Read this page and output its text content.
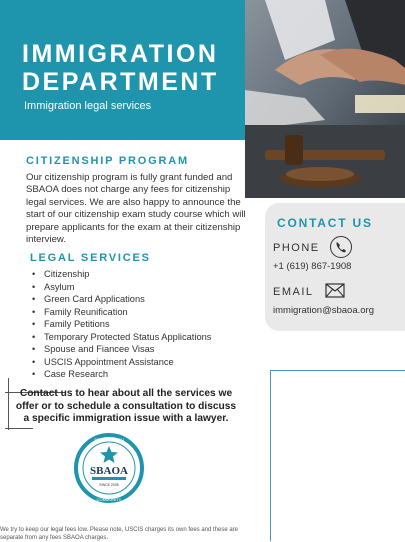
IMMIGRATION
DEPARTMENT
Immigration legal services
CITIZENSHIP PROGRAM
Our citizenship program is fully grant funded and SBAOA does not charge any fees for citizenship legal services. We are also happy to announce the start of our citizenship exam study course which will prepare applicants for the exam at their citizenship interview.
LEGAL SERVICES
• Citizenship
• Asylum
• Green Card Applications
• Family Reunification
• Family Petitions
• Temporary Protected Status Applications
• Spouse and Fiancee Visas
• USCIS Appointment Assistance
• Case Research
CONTACT US
PHONE
+1 (619) 867-1908
EMAIL
immigration@sbaoa.org
Contact us to hear about all the services we offer or to schedule a consultation to discuss a specific immigration issue with a lawyer.
SBAOA
SINCE 2005
SOMALI BANTU
COMMUNITY
We try to keep our legal fees low. Please note, USCIS charges its own fees and these are separate from any fees SBAOA charges.
